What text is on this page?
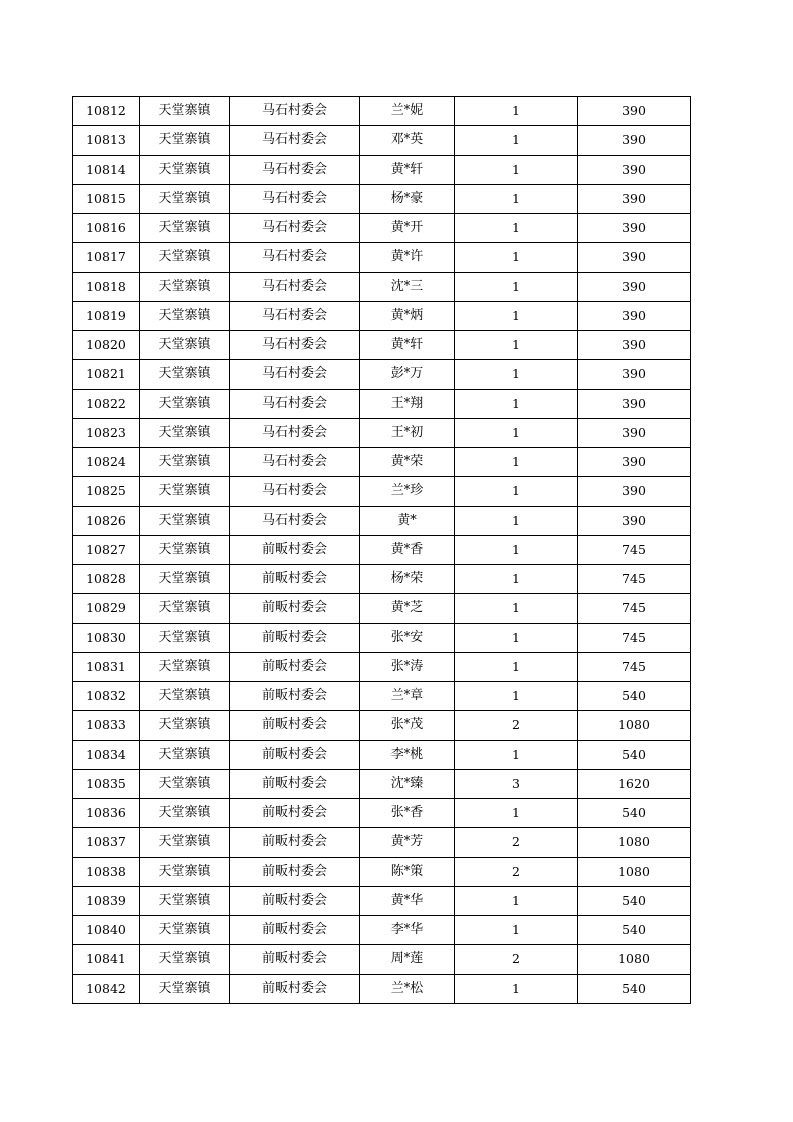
10812	天堂寨镇	马石村委会	兰*妮	1	390
10813	天堂寨镇	马石村委会	邓*英	1	390
10814	天堂寨镇	马石村委会	黄*轩	1	390
10815	天堂寨镇	马石村委会	杨*豪	1	390
10816	天堂寨镇	马石村委会	黄*开	1	390
10817	天堂寨镇	马石村委会	黄*许	1	390
10818	天堂寨镇	马石村委会	沈*三	1	390
10819	天堂寨镇	马石村委会	黄*炳	1	390
10820	天堂寨镇	马石村委会	黄*轩	1	390
10821	天堂寨镇	马石村委会	彭*万	1	390
10822	天堂寨镇	马石村委会	王*翔	1	390
10823	天堂寨镇	马石村委会	王*初	1	390
10824	天堂寨镇	马石村委会	黄*荣	1	390
10825	天堂寨镇	马石村委会	兰*珍	1	390
10826	天堂寨镇	马石村委会	黄*	1	390
10827	天堂寨镇	前畈村委会	黄*香	1	745
10828	天堂寨镇	前畈村委会	杨*荣	1	745
10829	天堂寨镇	前畈村委会	黄*芝	1	745
10830	天堂寨镇	前畈村委会	张*安	1	745
10831	天堂寨镇	前畈村委会	张*涛	1	745
10832	天堂寨镇	前畈村委会	兰*章	1	540
10833	天堂寨镇	前畈村委会	张*茂	2	1080
10834	天堂寨镇	前畈村委会	李*桃	1	540
10835	天堂寨镇	前畈村委会	沈*臻	3	1620
10836	天堂寨镇	前畈村委会	张*香	1	540
10837	天堂寨镇	前畈村委会	黄*芳	2	1080
10838	天堂寨镇	前畈村委会	陈*策	2	1080
10839	天堂寨镇	前畈村委会	黄*华	1	540
10840	天堂寨镇	前畈村委会	李*华	1	540
10841	天堂寨镇	前畈村委会	周*莲	2	1080
10842	天堂寨镇	前畈村委会	兰*松	1	540
